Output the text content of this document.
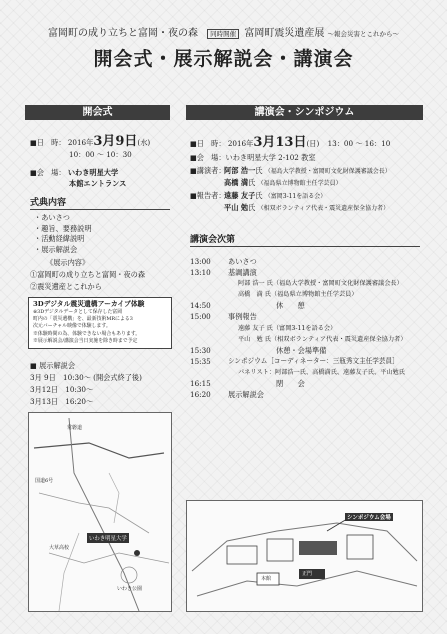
富岡町の成り立ちと富岡・夜の森 同時開催 富岡町震災遺産展 〜報会災害とこれから〜
開会式・展示解説会・講演会
開会式
■日　時： 2016年3月9日(水)
10：00 〜 10：30
■会　場： いわき明星大学
本館エントランス
式典内容
・あいさつ
・趣旨、要務説明
・活動経緯説明
・展示解説会
《展示内容》
①富岡町の成り立ちと富岡・夜の森
②震災遺産とこれから
3Dデジタル震災遺構アーカイブ体験
※3Dデジタルデータとして保存した富岡
町内の「震災遺構」を、最新技術MRによる3
次元バーチャル映像で体験します。
※体験時間の為、体験できない場合もあります。
※展示解説会/講演会当日実施を除き時まで予定
■ 展示解説会
3月 9日　10:30〜 (開会式終了後)
3月12日　10:30〜
3月13日　16:20〜
講演会・シンポジウム
■日　時： 2016年3月13日(日) 13：00 〜 16：10
■会　場：いわき明星大学 2-102 教室
■講演者：
阿部 浩一氏 （福島大学教授・富岡町文化財保護審議会長）
高橋 満氏 （福島県立博物館主任学芸員）
■報告者：
遠藤 友子氏 （富岡3-11を語る会）
平山 勉氏 （相双ボランティア代表・震災遺産保全協力者）
講演会次第
13:00	あいさつ
13:10	基調講演
阿部 浩一 氏（福島大学教授・富岡町文化財保護審議会長）
高橋　満 氏（福島県立博物館主任学芸員）
14:50	休　　憩
15:00	事例報告
遠藤 友子 氏（富岡3-11を語る会）
平山　勉 氏（相双ボランティア代表・震災遺産保全協力者）
15:30	休憩・会場準備
15:35	シンポジウム［コーディネーター：三瓶秀文主任学芸員］
パネリスト：阿部浩一氏、高橋満氏、遠藤友子氏、平山勉氏
16:15	閉　　会
16:20	展示解説会
常磐道
いわき明星大学
大草高校
いわき公園
国道6号
シンポジウム会場
本館
正門
